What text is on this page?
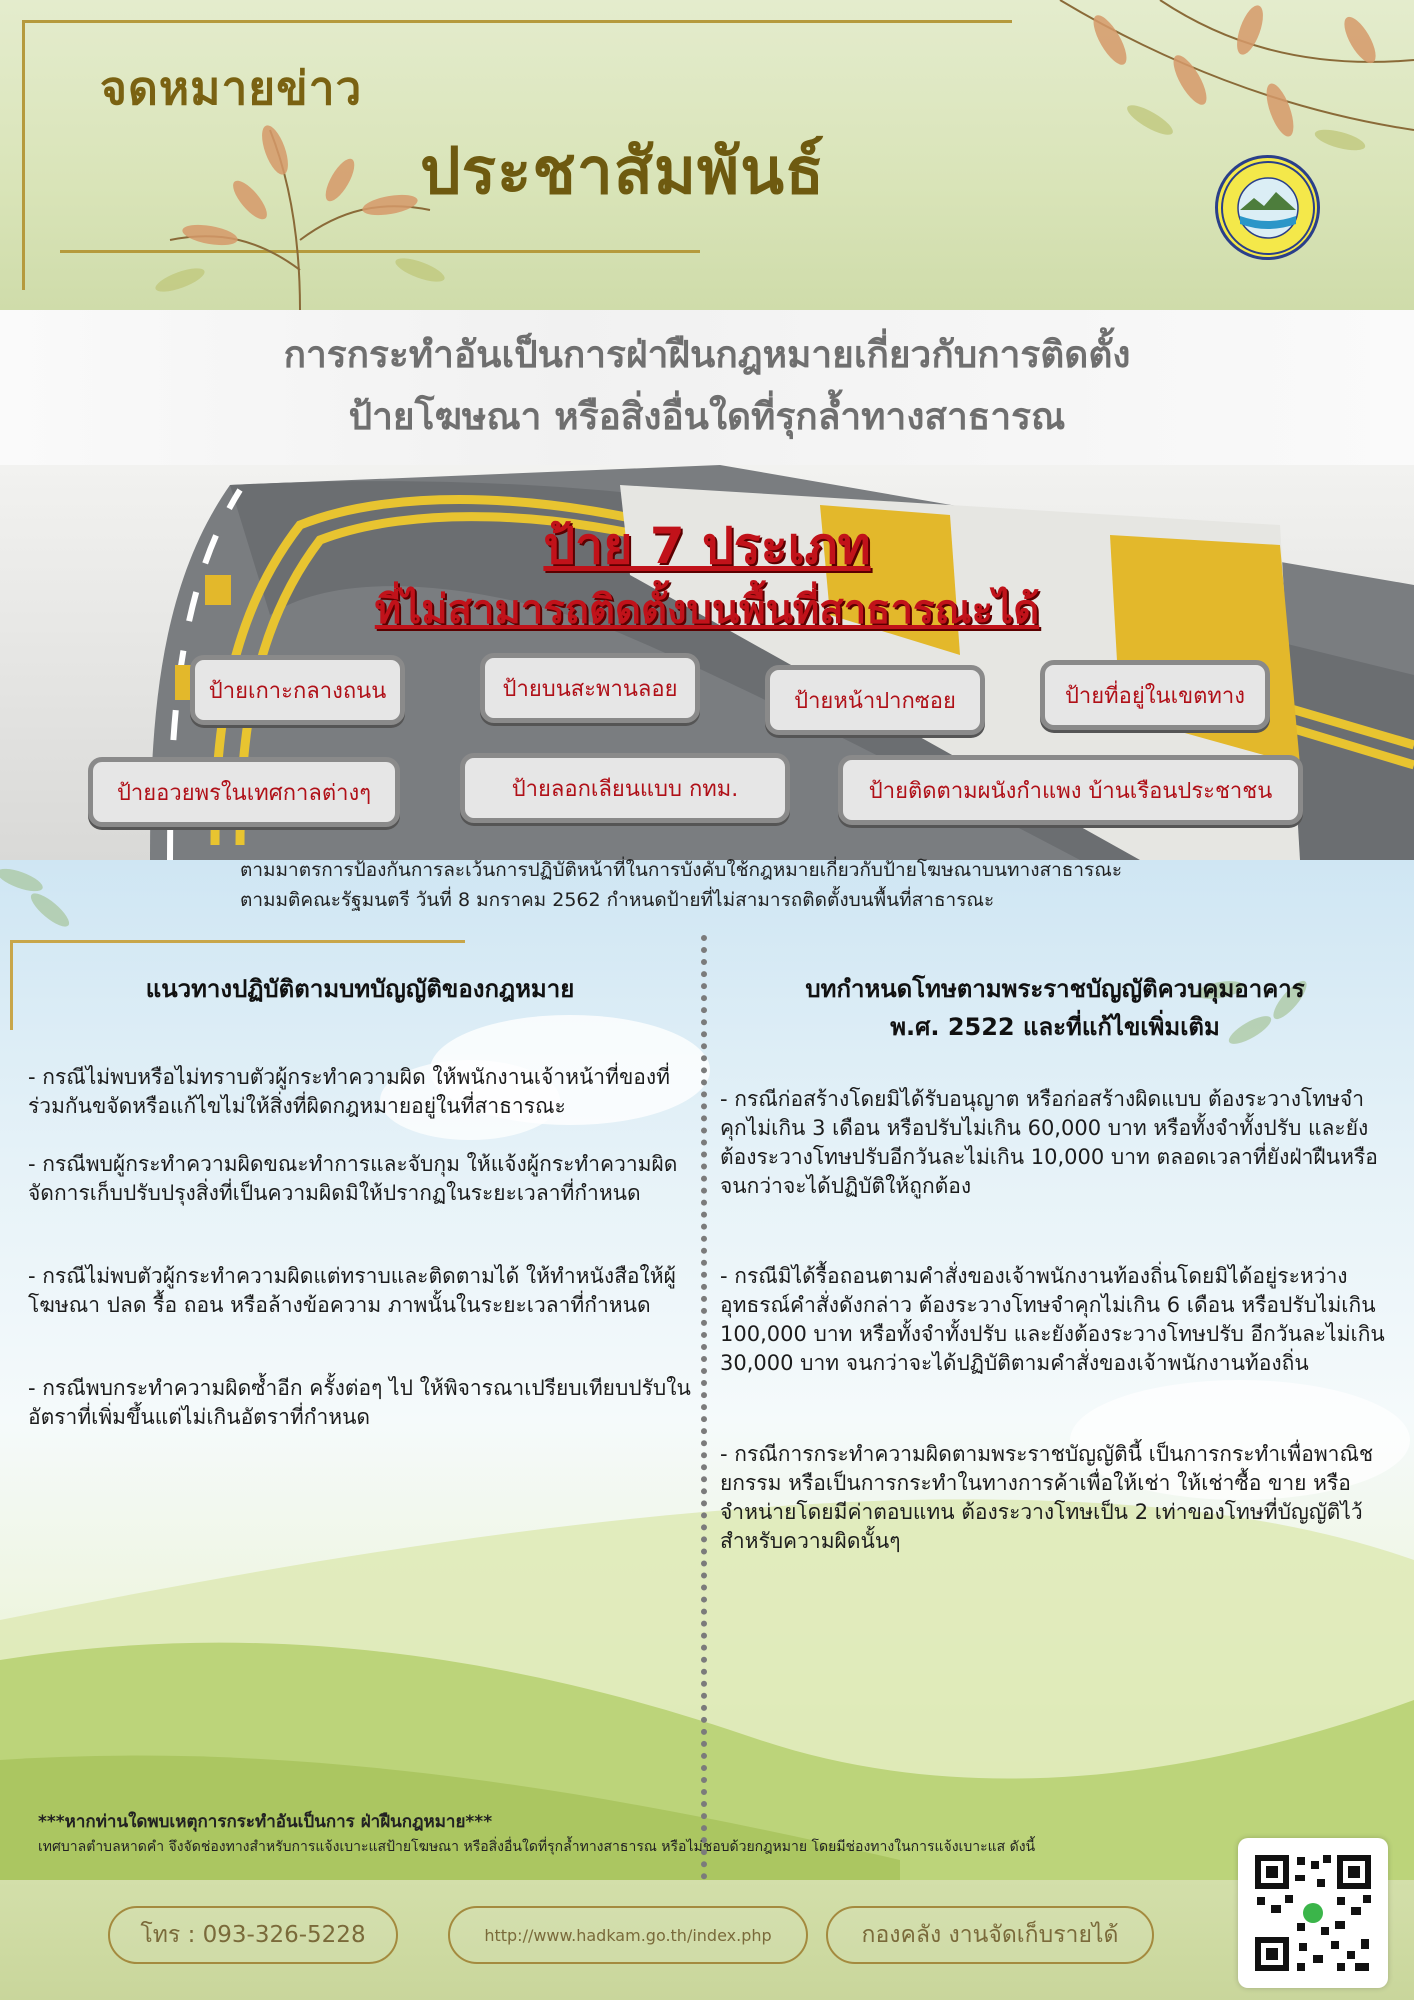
จดหมายข่าว
ประชาสัมพันธ์
การกระทำอันเป็นการฝ่าฝืนกฎหมายเกี่ยวกับการติดตั้ง
ป้ายโฆษณา หรือสิ่งอื่นใดที่รุกล้ำทางสาธารณ
ป้าย 7 ประเภท
ที่ไม่สามารถติดตั้งบนพื้นที่สาธารณะได้
ป้ายเกาะกลางถนน	ป้ายบนสะพานลอย	ป้ายหน้าปากซอย	ป้ายที่อยู่ในเขตทาง
ป้ายอวยพรในเทศกาลต่างๆ	ป้ายลอกเลียนแบบ กทม.	ป้ายติดตามผนังกำแพง บ้านเรือนประชาชน
ตามมาตรการป้องกันการละเว้นการปฏิบัติหน้าที่ในการบังคับใช้กฎหมายเกี่ยวกับป้ายโฆษณาบนทางสาธารณะ
ตามมติคณะรัฐมนตรี วันที่ 8 มกราคม 2562 กำหนดป้ายที่ไม่สามารถติดตั้งบนพื้นที่สาธารณะ
แนวทางปฏิบัติตามบทบัญญัติของกฎหมาย
- กรณีไม่พบหรือไม่ทราบตัวผู้กระทำความผิด ให้พนักงานเจ้าหน้าที่ของที่ร่วมกันขจัดหรือแก้ไขไม่ให้สิ่งที่ผิดกฎหมายอยู่ในที่สาธารณะ
- กรณีพบผู้กระทำความผิดขณะทำการและจับกุม ให้แจ้งผู้กระทำความผิดจัดการเก็บปรับปรุงสิ่งที่เป็นความผิดมิให้ปรากฏในระยะเวลาที่กำหนด
- กรณีไม่พบตัวผู้กระทำความผิดแต่ทราบและติดตามได้ ให้ทำหนังสือให้ผู้โฆษณา ปลด รื้อ ถอน หรือล้างข้อความ ภาพนั้นในระยะเวลาที่กำหนด
- กรณีพบกระทำความผิดซ้ำอีก ครั้งต่อๆ ไป ให้พิจารณาเปรียบเทียบปรับในอัตราที่เพิ่มขึ้นแต่ไม่เกินอัตราที่กำหนด
บทกำหนดโทษตามพระราชบัญญัติควบคุมอาคาร
พ.ศ. 2522 และที่แก้ไขเพิ่มเติม
- กรณีก่อสร้างโดยมิได้รับอนุญาต หรือก่อสร้างผิดแบบ ต้องระวางโทษจำคุกไม่เกิน 3 เดือน หรือปรับไม่เกิน 60,000 บาท หรือทั้งจำทั้งปรับ และยังต้องระวางโทษปรับอีกวันละไม่เกิน 10,000 บาท ตลอดเวลาที่ยังฝ่าฝืนหรือจนกว่าจะได้ปฏิบัติให้ถูกต้อง
- กรณีมิได้รื้อถอนตามคำสั่งของเจ้าพนักงานท้องถิ่นโดยมิได้อยู่ระหว่างอุทธรณ์คำสั่งดังกล่าว ต้องระวางโทษจำคุกไม่เกิน 6 เดือน หรือปรับไม่เกิน 100,000 บาท หรือทั้งจำทั้งปรับ และยังต้องระวางโทษปรับ อีกวันละไม่เกิน 30,000 บาท จนกว่าจะได้ปฏิบัติตามคำสั่งของเจ้าพนักงานท้องถิ่น
- กรณีการกระทำความผิดตามพระราชบัญญัตินี้ เป็นการกระทำเพื่อพาณิชยกรรม หรือเป็นการกระทำในทางการค้าเพื่อให้เช่า ให้เช่าซื้อ ขาย หรือจำหน่ายโดยมีค่าตอบแทน ต้องระวางโทษเป็น 2 เท่าของโทษที่บัญญัติไว้สำหรับความผิดนั้นๆ
***หากท่านใดพบเหตุการกระทำอันเป็นการ ฝ่าฝืนกฎหมาย***
เทศบาลตำบลหาดคำ จึงจัดช่องทางสำหรับการแจ้งเบาะแสป้ายโฆษณา หรือสิ่งอื่นใดที่รุกล้ำทางสาธารณ หรือไม่ชอบด้วยกฎหมาย โดยมีช่องทางในการแจ้งเบาะแส ดังนี้
โทร : 093-326-5228	http://www.hadkam.go.th/index.php	กองคลัง งานจัดเก็บรายได้
